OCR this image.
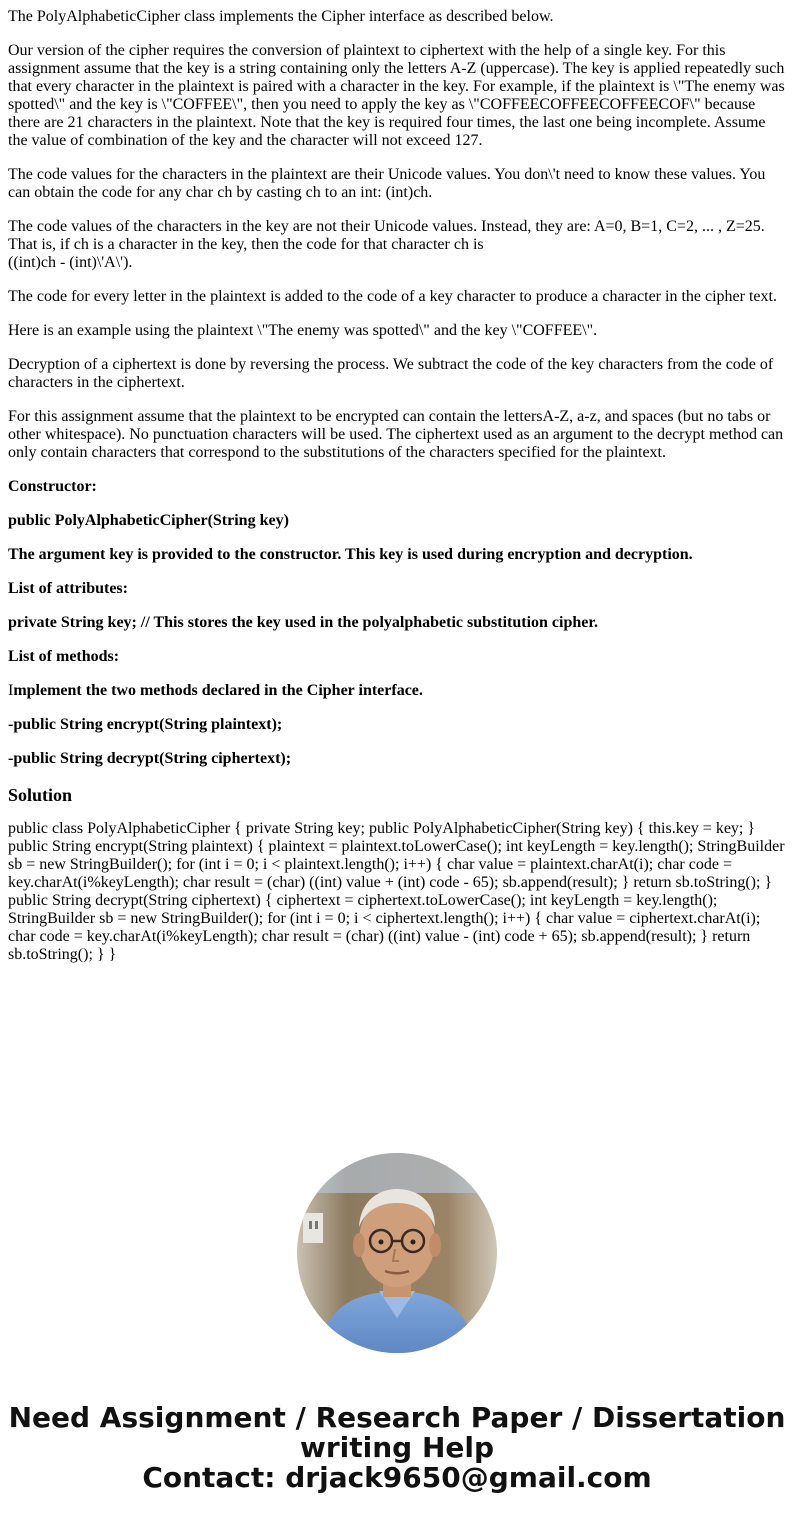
The PolyAlphabeticCipher class implements the Cipher interface as described below.

Our version of the cipher requires the conversion of plaintext to ciphertext with the help of a single key. For this assignment assume that the key is a string containing only the letters A-Z (uppercase). The key is applied repeatedly such that every character in the plaintext is paired with a character in the key. For example, if the plaintext is \"The enemy was spotted\" and the key is \"COFFEE\", then you need to apply the key as \"COFFEECOFFEECOFFEECOF\" because there are 21 characters in the plaintext. Note that the key is required four times, the last one being incomplete. Assume the value of combination of the key and the character will not exceed 127.

The code values for the characters in the plaintext are their Unicode values. You don\'t need to know these values. You can obtain the code for any char ch by casting ch to an int: (int)ch.

The code values of the characters in the key are not their Unicode values. Instead, they are: A=0, B=1, C=2, ... , Z=25. That is, if ch is a character in the key, then the code for that character ch is
((int)ch - (int)\'A\').

The code for every letter in the plaintext is added to the code of a key character to produce a character in the cipher text.

Here is an example using the plaintext \"The enemy was spotted\" and the key \"COFFEE\".

Decryption of a ciphertext is done by reversing the process. We subtract the code of the key characters from the code of characters in the ciphertext.

For this assignment assume that the plaintext to be encrypted can contain the lettersA-Z, a-z, and spaces (but no tabs or other whitespace). No punctuation characters will be used. The ciphertext used as an argument to the decrypt method can only contain characters that correspond to the substitutions of the characters specified for the plaintext.

Constructor:

public PolyAlphabeticCipher(String key)

The argument key is provided to the constructor. This key is used during encryption and decryption.

List of attributes:

private String key; // This stores the key used in the polyalphabetic substitution cipher.

List of methods:

Implement the two methods declared in the Cipher interface.

-public String encrypt(String plaintext);

-public String decrypt(String ciphertext);

Solution

public class PolyAlphabeticCipher { private String key; public PolyAlphabeticCipher(String key) { this.key = key; } public String encrypt(String plaintext) { plaintext = plaintext.toLowerCase(); int keyLength = key.length(); StringBuilder sb = new StringBuilder(); for (int i = 0; i < plaintext.length(); i++) { char value = plaintext.charAt(i); char code = key.charAt(i%keyLength); char result = (char) ((int) value + (int) code - 65); sb.append(result); } return sb.toString(); } public String decrypt(String ciphertext) { ciphertext = ciphertext.toLowerCase(); int keyLength = key.length(); StringBuilder sb = new StringBuilder(); for (int i = 0; i < ciphertext.length(); i++) { char value = ciphertext.charAt(i); char code = key.charAt(i%keyLength); char result = (char) ((int) value - (int) code + 65); sb.append(result); } return sb.toString(); } }

Need Assignment / Research Paper / Dissertation
writing Help
Contact: drjack9650@gmail.com
